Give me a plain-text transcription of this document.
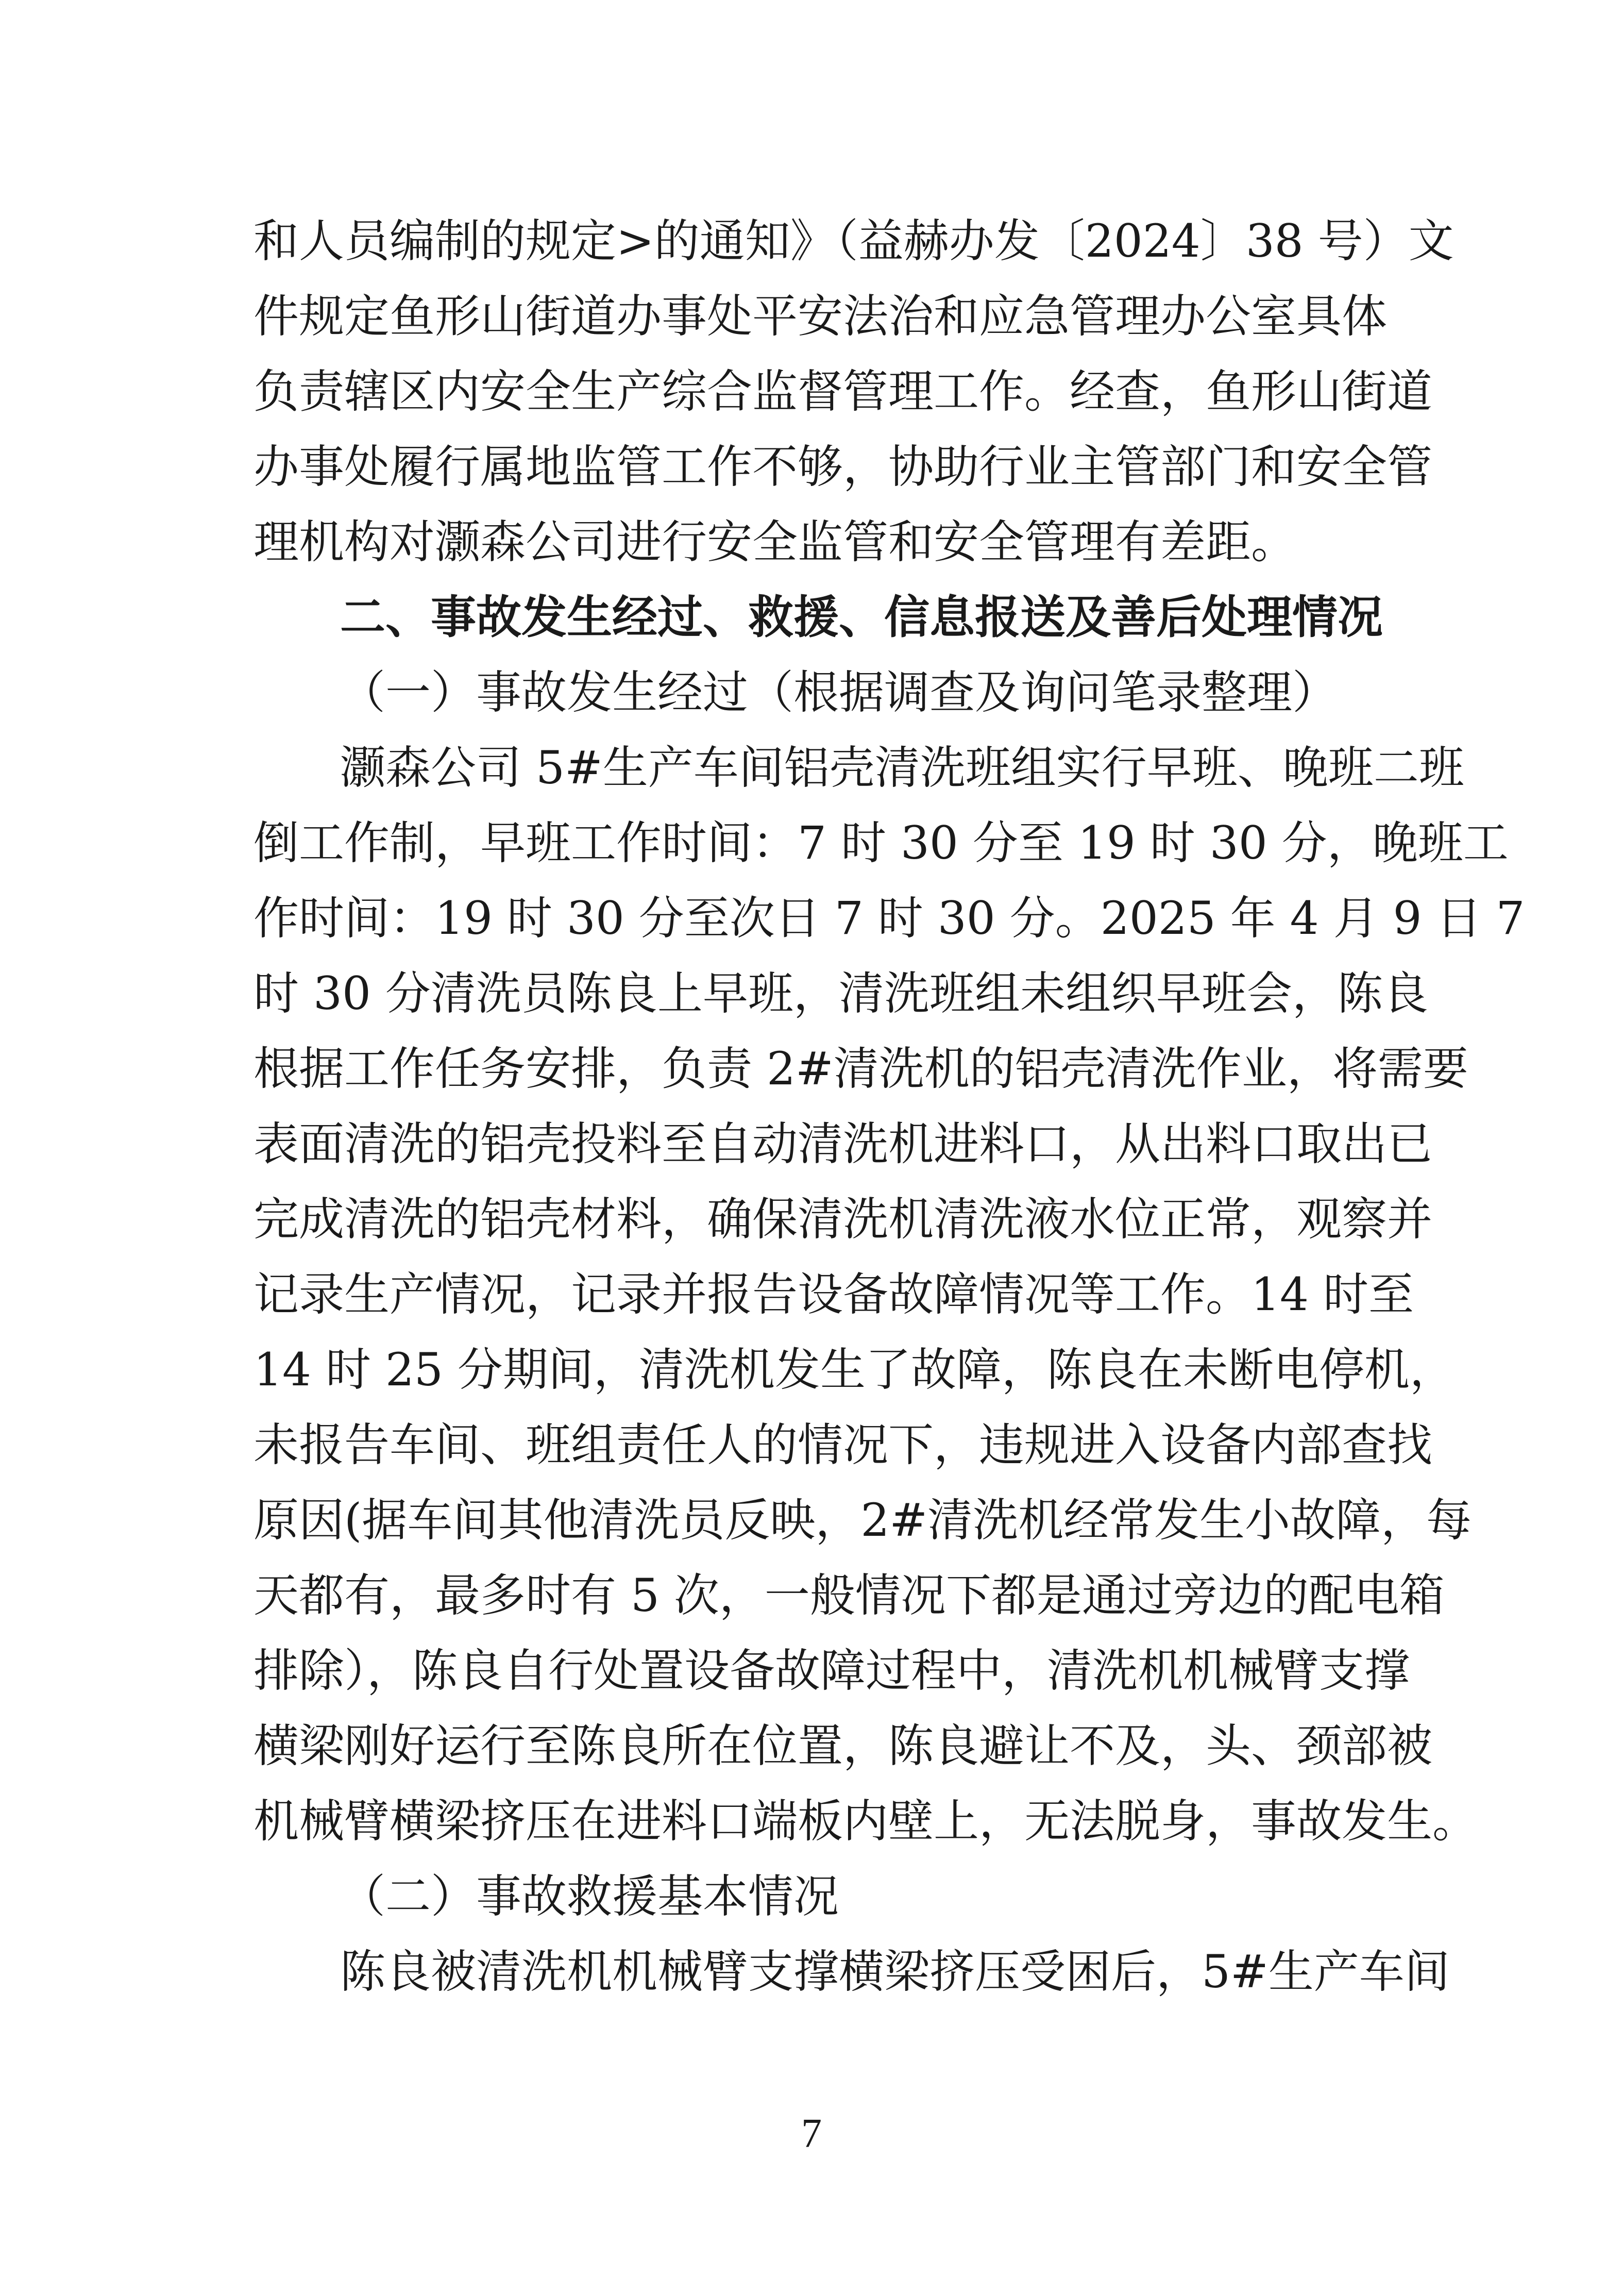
和人员编制的规定>的通知》（益赫办发〔2024〕38 号）文
件规定鱼形山街道办事处平安法治和应急管理办公室具体
负责辖区内安全生产综合监督管理工作。经查，鱼形山街道
办事处履行属地监管工作不够，协助行业主管部门和安全管
理机构对灏森公司进行安全监管和安全管理有差距。
二、事故发生经过、救援、信息报送及善后处理情况
（一）事故发生经过（根据调查及询问笔录整理）
灏森公司 5#生产车间铝壳清洗班组实行早班、晚班二班
倒工作制，早班工作时间：7 时 30 分至 19 时 30 分，晚班工
作时间：19 时 30 分至次日 7 时 30 分。2025 年 4 月 9 日 7
时 30 分清洗员陈良上早班，清洗班组未组织早班会，陈良
根据工作任务安排，负责 2#清洗机的铝壳清洗作业，将需要
表面清洗的铝壳投料至自动清洗机进料口，从出料口取出已
完成清洗的铝壳材料，确保清洗机清洗液水位正常，观察并
记录生产情况，记录并报告设备故障情况等工作。14 时至
14 时 25 分期间，清洗机发生了故障，陈良在未断电停机，
未报告车间、班组责任人的情况下，违规进入设备内部查找
原因(据车间其他清洗员反映，2#清洗机经常发生小故障，每
天都有，最多时有 5 次，一般情况下都是通过旁边的配电箱
排除），陈良自行处置设备故障过程中，清洗机机械臂支撑
横梁刚好运行至陈良所在位置，陈良避让不及，头、颈部被
机械臂横梁挤压在进料口端板内壁上，无法脱身，事故发生。
（二）事故救援基本情况
陈良被清洗机机械臂支撑横梁挤压受困后，5#生产车间
7
